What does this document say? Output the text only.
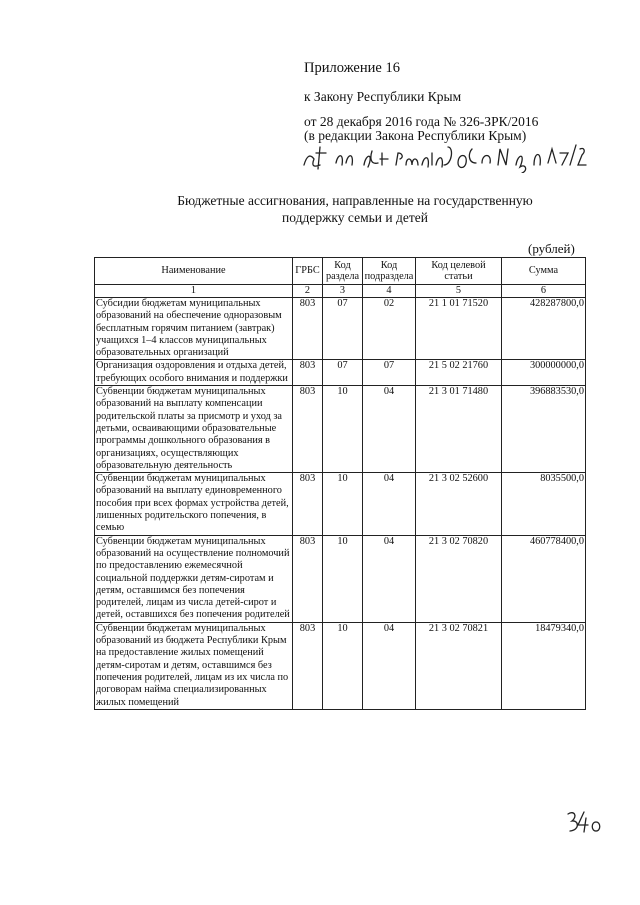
Приложение 16
к Закону Республики Крым
от 28 декабря 2016 года № 326-ЗРК/2016
(в редакции Закона Республики Крым)
Бюджетные ассигнования, направленные на государственную
поддержку семьи и детей
(рублей)
Наименование	ГРБС	Код раздела	Код подраздела	Код целевой статьи	Сумма
1	2	3	4	5	6
Субсидии бюджетам муниципальных образований на обеспечение одноразовым бесплатным горячим питанием (завтрак) учащихся 1–4 классов муниципальных образовательных организаций	803	07	02	21 1 01 71520	428287800,0
Организация оздоровления и отдыха детей, требующих особого внимания и поддержки	803	07	07	21 5 02 21760	300000000,0
Субвенции бюджетам муниципальных образований на выплату компенсации родительской платы за присмотр и уход за детьми, осваивающими образовательные программы дошкольного образования в организациях, осуществляющих образовательную деятельность	803	10	04	21 3 01 71480	396883530,0
Субвенции бюджетам муниципальных образований на выплату единовременного пособия при всех формах устройства детей, лишенных родительского попечения, в семью	803	10	04	21 3 02 52600	8035500,0
Субвенции бюджетам муниципальных образований на осуществление полномочий по предоставлению ежемесячной социальной поддержки детям-сиротам и детям, оставшимся без попечения родителей, лицам из числа детей-сирот и детей, оставшихся без попечения родителей	803	10	04	21 3 02 70820	460778400,0
Субвенции бюджетам муниципальных образований из бюджета Республики Крым на предоставление жилых помещений детям-сиротам и детям, оставшимся без попечения родителей, лицам из их числа по договорам найма специализированных жилых помещений	803	10	04	21 3 02 70821	18479340,0
